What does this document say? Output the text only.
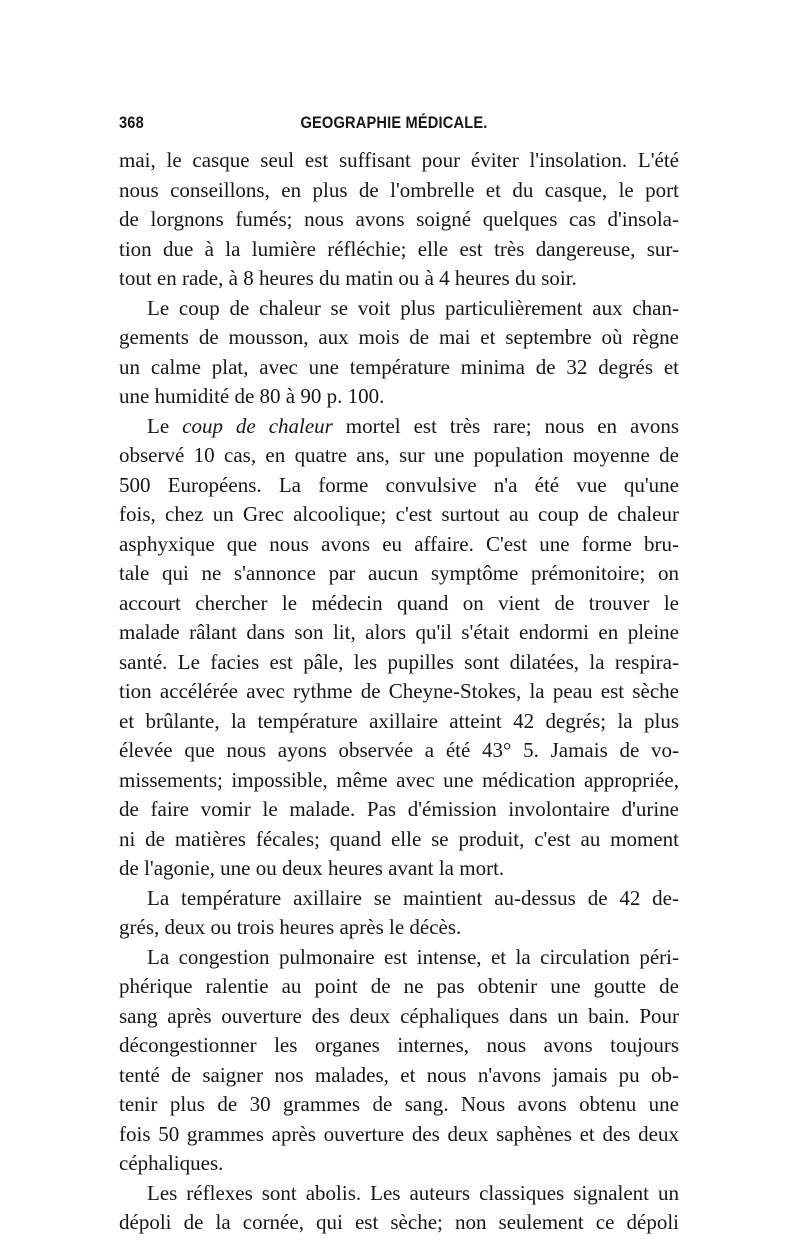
368	GEOGRAPHIE MÉDICALE.
mai, le casque seul est suffisant pour éviter l'insolation. L'été
nous conseillons, en plus de l'ombrelle et du casque, le port
de lorgnons fumés; nous avons soigné quelques cas d'insola-
tion due à la lumière réfléchie; elle est très dangereuse, sur-
tout en rade, à 8 heures du matin ou à 4 heures du soir.
Le coup de chaleur se voit plus particulièrement aux chan-
gements de mousson, aux mois de mai et septembre où règne
un calme plat, avec une température minima de 32 degrés et
une humidité de 80 à 90 p. 100.
Le coup de chaleur mortel est très rare; nous en avons
observé 10 cas, en quatre ans, sur une population moyenne de
500 Européens. La forme convulsive n'a été vue qu'une
fois, chez un Grec alcoolique; c'est surtout au coup de chaleur
asphyxique que nous avons eu affaire. C'est une forme bru-
tale qui ne s'annonce par aucun symptôme prémonitoire; on
accourt chercher le médecin quand on vient de trouver le
malade râlant dans son lit, alors qu'il s'était endormi en pleine
santé. Le facies est pâle, les pupilles sont dilatées, la respira-
tion accélérée avec rythme de Cheyne-Stokes, la peau est sèche
et brûlante, la température axillaire atteint 42 degrés; la plus
élevée que nous ayons observée a été 43° 5. Jamais de vo-
missements; impossible, même avec une médication appropriée,
de faire vomir le malade. Pas d'émission involontaire d'urine
ni de matières fécales; quand elle se produit, c'est au moment
de l'agonie, une ou deux heures avant la mort.
La température axillaire se maintient au-dessus de 42 de-
grés, deux ou trois heures après le décès.
La congestion pulmonaire est intense, et la circulation péri-
phérique ralentie au point de ne pas obtenir une goutte de
sang après ouverture des deux céphaliques dans un bain. Pour
décongestionner les organes internes, nous avons toujours
tenté de saigner nos malades, et nous n'avons jamais pu ob-
tenir plus de 30 grammes de sang. Nous avons obtenu une
fois 50 grammes après ouverture des deux saphènes et des deux
céphaliques.
Les réflexes sont abolis. Les auteurs classiques signalent un
dépoli de la cornée, qui est sèche; non seulement ce dépoli
